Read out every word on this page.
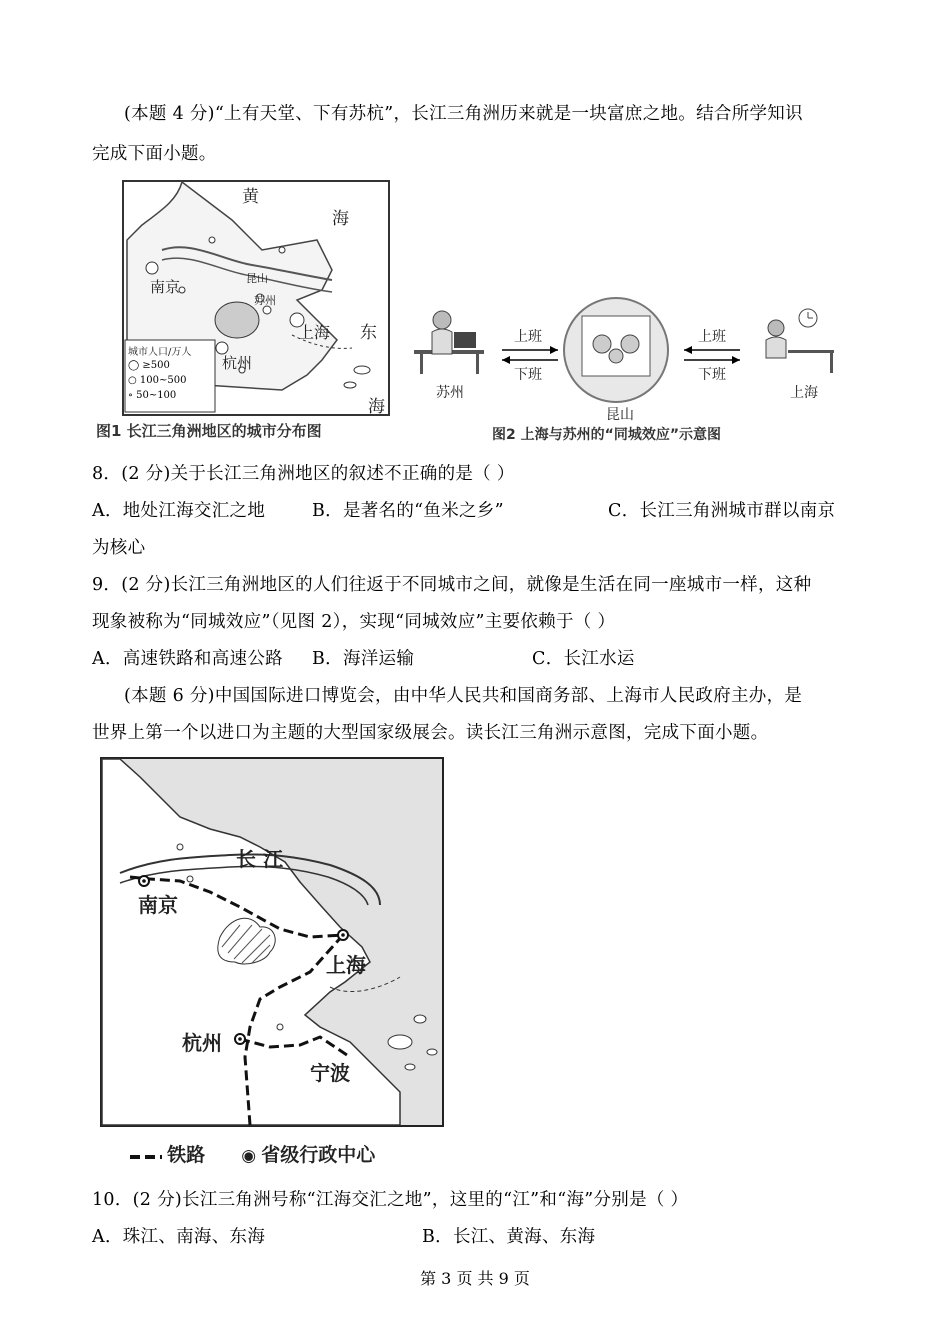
(本题 4 分)“上有天堂、下有苏杭”，长江三角洲历来就是一块富庶之地。结合所学知识
完成下面小题。
黄
海
东
海
南京	昆山
苏州
上海
杭州
城市人口/万人
◯ ≥500
○ 100~500
∘ 50~100
图1 长江三角洲地区的城市分布图
上班
下班
上班
下班
苏州
昆山
上海
图2 上海与苏州的“同城效应”示意图
8．(2 分)关于长江三角洲地区的叙述不正确的是（ ）
A．地处江海交汇之地	B．是著名的“鱼米之乡”	C．长江三角洲城市群以南京
为核心
9．(2 分)长江三角洲地区的人们往返于不同城市之间，就像是生活在同一座城市一样，这种
现象被称为“同城效应”（见图 2），实现“同城效应”主要依赖于（ ）
A．高速铁路和高速公路 B．海洋运输	C．长江水运
(本题 6 分)中国国际进口博览会，由中华人民共和国商务部、上海市人民政府主办，是
世界上第一个以进口为主题的大型国家级展会。读长江三角洲示意图，完成下面小题。
长 江
南京
上海
杭州
宁波
铁路 ◉ 省级行政中心
10．(2 分)长江三角洲号称“江海交汇之地”，这里的“江”和“海”分别是（ ）
A．珠江、南海、东海	B．长江、黄海、东海
第 3 页 共 9 页
